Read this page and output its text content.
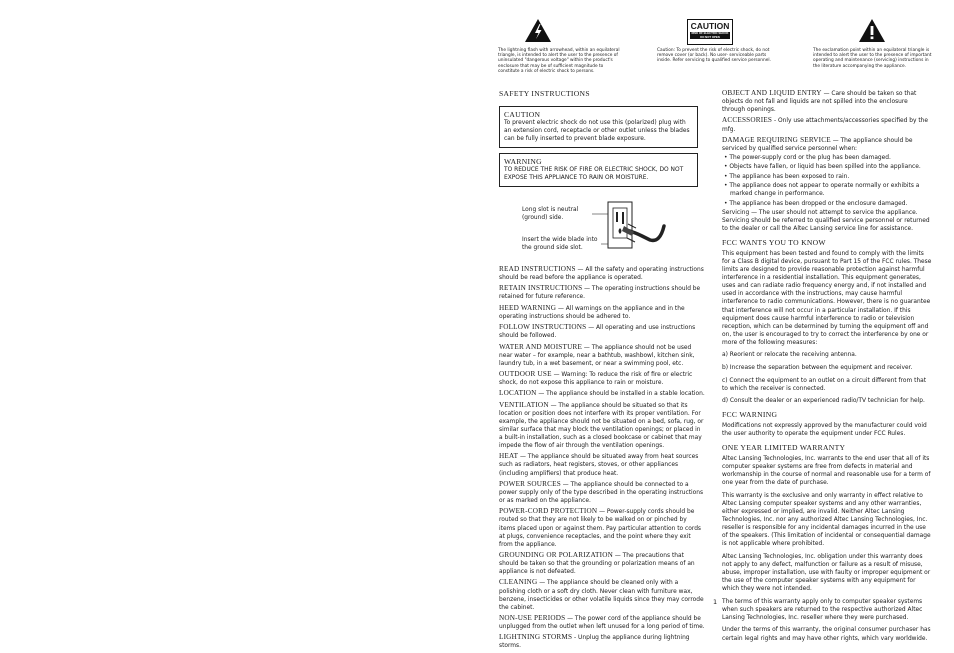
The lightning flash with arrowhead, within an equilateral triangle, is intended to alert the user to the presence of uninsulated "dangerous voltage" within the product's enclosure that may be of sufficient magnitude to constitute a risk of electric shock to persons.
CAUTION
RISK OF ELECTRIC SHOCK DO NOT OPEN
Caution: To prevent the risk of electric shock, do not remove cover (or back). No user- serviceable parts inside. Refer servicing to qualified service personnel.
The exclamation point within an equilateral triangle is intended to alert the user to the presence of important operating and maintenance (servicing) instructions in the literature accompanying the appliance.
SAFETY INSTRUCTIONS
CAUTION
To prevent electric shock do not use this (polarized) plug with an extension cord, receptacle or other outlet unless the blades can be fully inserted to prevent blade exposure.
WARNING
TO REDUCE THE RISK OF FIRE OR ELECTRIC SHOCK, DO NOT EXPOSE THIS APPLIANCE TO RAIN OR MOISTURE.
Long slot is neutral (ground) side.
Insert the wide blade into the ground side slot.

READ INSTRUCTIONS — All the safety and operating instructions should be read before the appliance is operated.

RETAIN INSTRUCTIONS — The operating instructions should be retained for future reference.

HEED WARNING — All warnings on the appliance and in the operating instructions should be adhered to.

FOLLOW INSTRUCTIONS — All operating and use instructions should be followed.

WATER AND MOISTURE — The appliance should not be used near water – for example, near a bathtub, washbowl, kitchen sink, laundry tub, in a wet basement, or near a swimming pool, etc.

OUTDOOR USE — Warning: To reduce the risk of fire or electric shock, do not expose this appliance to rain or moisture.

LOCATION — The appliance should be installed in a stable location.

VENTILATION — The appliance should be situated so that its location or position does not interfere with its proper ventilation. For example, the appliance should not be situated on a bed, sofa, rug, or similar surface that may block the ventilation openings; or placed in a built-in installation, such as a closed bookcase or cabinet that may impede the flow of air through the ventilation openings.

HEAT — The appliance should be situated away from heat sources such as radiators, heat registers, stoves, or other appliances (including amplifiers) that produce heat.

POWER SOURCES — The appliance should be connected to a power supply only of the type described in the operating instructions or as marked on the appliance.

POWER-CORD PROTECTION — Power-supply cords should be routed so that they are not likely to be walked on or pinched by items placed upon or against them. Pay particular attention to cords at plugs, convenience receptacles, and the point where they exit from the appliance.

GROUNDING OR POLARIZATION — The precautions that should be taken so that the grounding or polarization means of an appliance is not defeated.

CLEANING — The appliance should be cleaned only with a polishing cloth or a soft dry cloth. Never clean with furniture wax, benzene, insecticides or other volatile liquids since they may corrode the cabinet.

NON-USE PERIODS — The power cord of the appliance should be unplugged from the outlet when left unused for a long period of time.

LIGHTNING STORMS - Unplug the appliance during lightning storms.

OBJECT AND LIQUID ENTRY — Care should be taken so that objects do not fall and liquids are not spilled into the enclosure through openings.

ACCESSORIES - Only use attachments/accessories specified by the mfg.

DAMAGE REQUIRING SERVICE — The appliance should be serviced by qualified service personnel when:

• The power-supply cord or the plug has been damaged.
• Objects have fallen, or liquid has been spilled into the appliance.
• The appliance has been exposed to rain.
• The appliance does not appear to operate normally or exhibits a marked change in performance.
• The appliance has been dropped or the enclosure damaged.

Servicing — The user should not attempt to service the appliance. Servicing should be referred to qualified service personnel or returned to the dealer or call the Altec Lansing service line for assistance.

FCC WANTS YOU TO KNOW

This equipment has been tested and found to comply with the limits for a Class B digital device, pursuant to Part 15 of the FCC rules. These limits are designed to provide reasonable protection against harmful interference in a residential installation. This equipment generates, uses and can radiate radio frequency energy and, if not installed and used in accordance with the instructions, may cause harmful interference to radio communications. However, there is no guarantee that interference will not occur in a particular installation. If this equipment does cause harmful interference to radio or television reception, which can be determined by turning the equipment off and on, the user is encouraged to try to correct the interference by one or more of the following measures:

a) Reorient or relocate the receiving antenna.

b) Increase the separation between the equipment and receiver.

c) Connect the equipment to an outlet on a circuit different from that to which the receiver is connected.

d) Consult the dealer or an experienced radio/TV technician for help.

FCC WARNING

Modifications not expressly approved by the manufacturer could void the user authority to operate the equipment under FCC Rules.

ONE YEAR LIMITED WARRANTY

Altec Lansing Technologies, Inc. warrants to the end user that all of its computer speaker systems are free from defects in material and workmanship in the course of normal and reasonable use for a term of one year from the date of purchase.

This warranty is the exclusive and only warranty in effect relative to Altec Lansing computer speaker systems and any other warranties, either expressed or implied, are invalid. Neither Altec Lansing Technologies, Inc. nor any authorized Altec Lansing Technologies, Inc. reseller is responsible for any incidental damages incurred in the use of the speakers. (This limitation of incidental or consequential damage is not applicable where prohibited.

Altec Lansing Technologies, Inc. obligation under this warranty does not apply to any defect, malfunction or failure as a result of misuse, abuse, improper installation, use with faulty or improper equipment or the use of the computer speaker systems with any equipment for which they were not intended.

The terms of this warranty apply only to computer speaker systems when such speakers are returned to the respective authorized Altec Lansing Technologies, Inc. reseller where they were purchased.

Under the terms of this warranty, the original consumer purchaser has certain legal rights and may have other rights, which vary worldwide.

1
